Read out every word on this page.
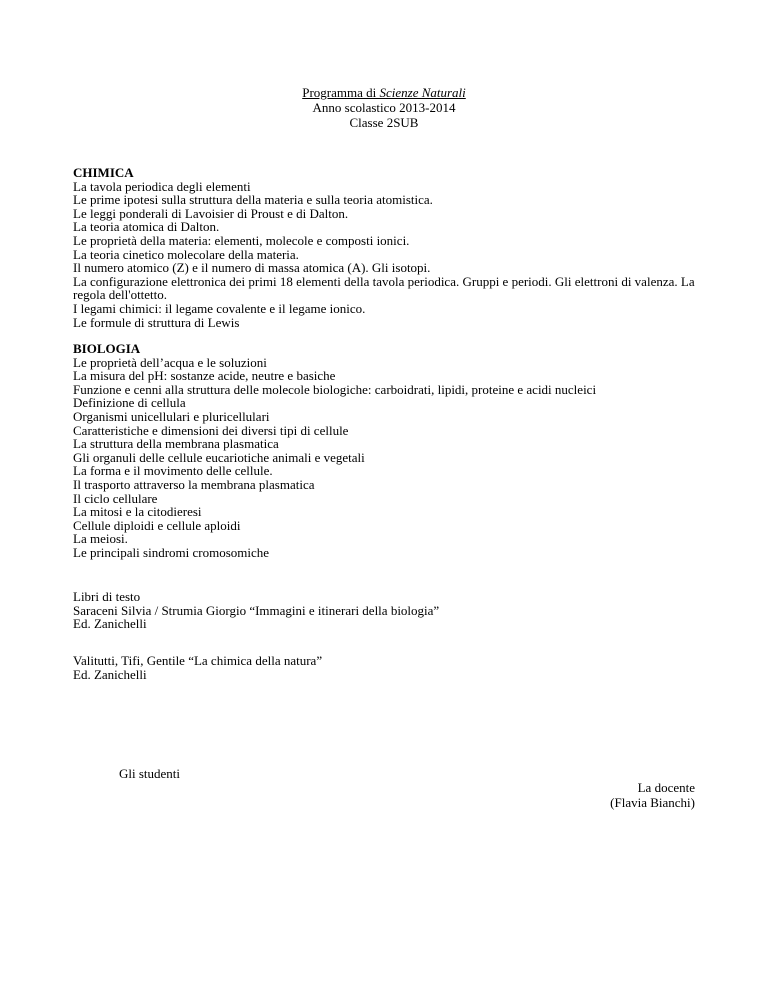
Programma di Scienze Naturali
Anno scolastico 2013-2014
Classe 2SUB
CHIMICA
La tavola periodica degli elementi
Le prime ipotesi sulla struttura della materia e sulla teoria atomistica.
Le leggi ponderali di Lavoisier di Proust e di Dalton.
La teoria atomica di Dalton.
Le proprietà della materia: elementi, molecole e composti ionici.
La teoria cinetico molecolare della materia.
Il numero atomico (Z) e il numero di massa atomica (A). Gli isotopi.
La configurazione elettronica dei primi 18 elementi della tavola periodica. Gruppi e periodi. Gli elettroni di valenza. La regola dell'ottetto.
I legami chimici: il legame covalente e il legame ionico.
Le formule di struttura di Lewis
BIOLOGIA
Le proprietà dell’acqua e le soluzioni
La misura del pH: sostanze acide, neutre e basiche
Funzione e cenni alla struttura delle molecole biologiche: carboidrati, lipidi, proteine e acidi nucleici
Definizione di cellula
Organismi unicellulari e pluricellulari
Caratteristiche e dimensioni dei diversi tipi di cellule
La struttura della membrana plasmatica
Gli organuli delle cellule eucariotiche animali e vegetali
La forma e il movimento delle cellule.
Il trasporto attraverso la membrana plasmatica
Il ciclo cellulare
La mitosi e la citodieresi
Cellule diploidi e cellule aploidi
La meiosi.
Le principali sindromi cromosomiche
Libri di testo
Saraceni Silvia / Strumia Giorgio “Immagini e itinerari della biologia”
Ed. Zanichelli
Valitutti, Tifi, Gentile “La chimica della natura”
Ed. Zanichelli
Gli studenti
La docente
(Flavia Bianchi)
